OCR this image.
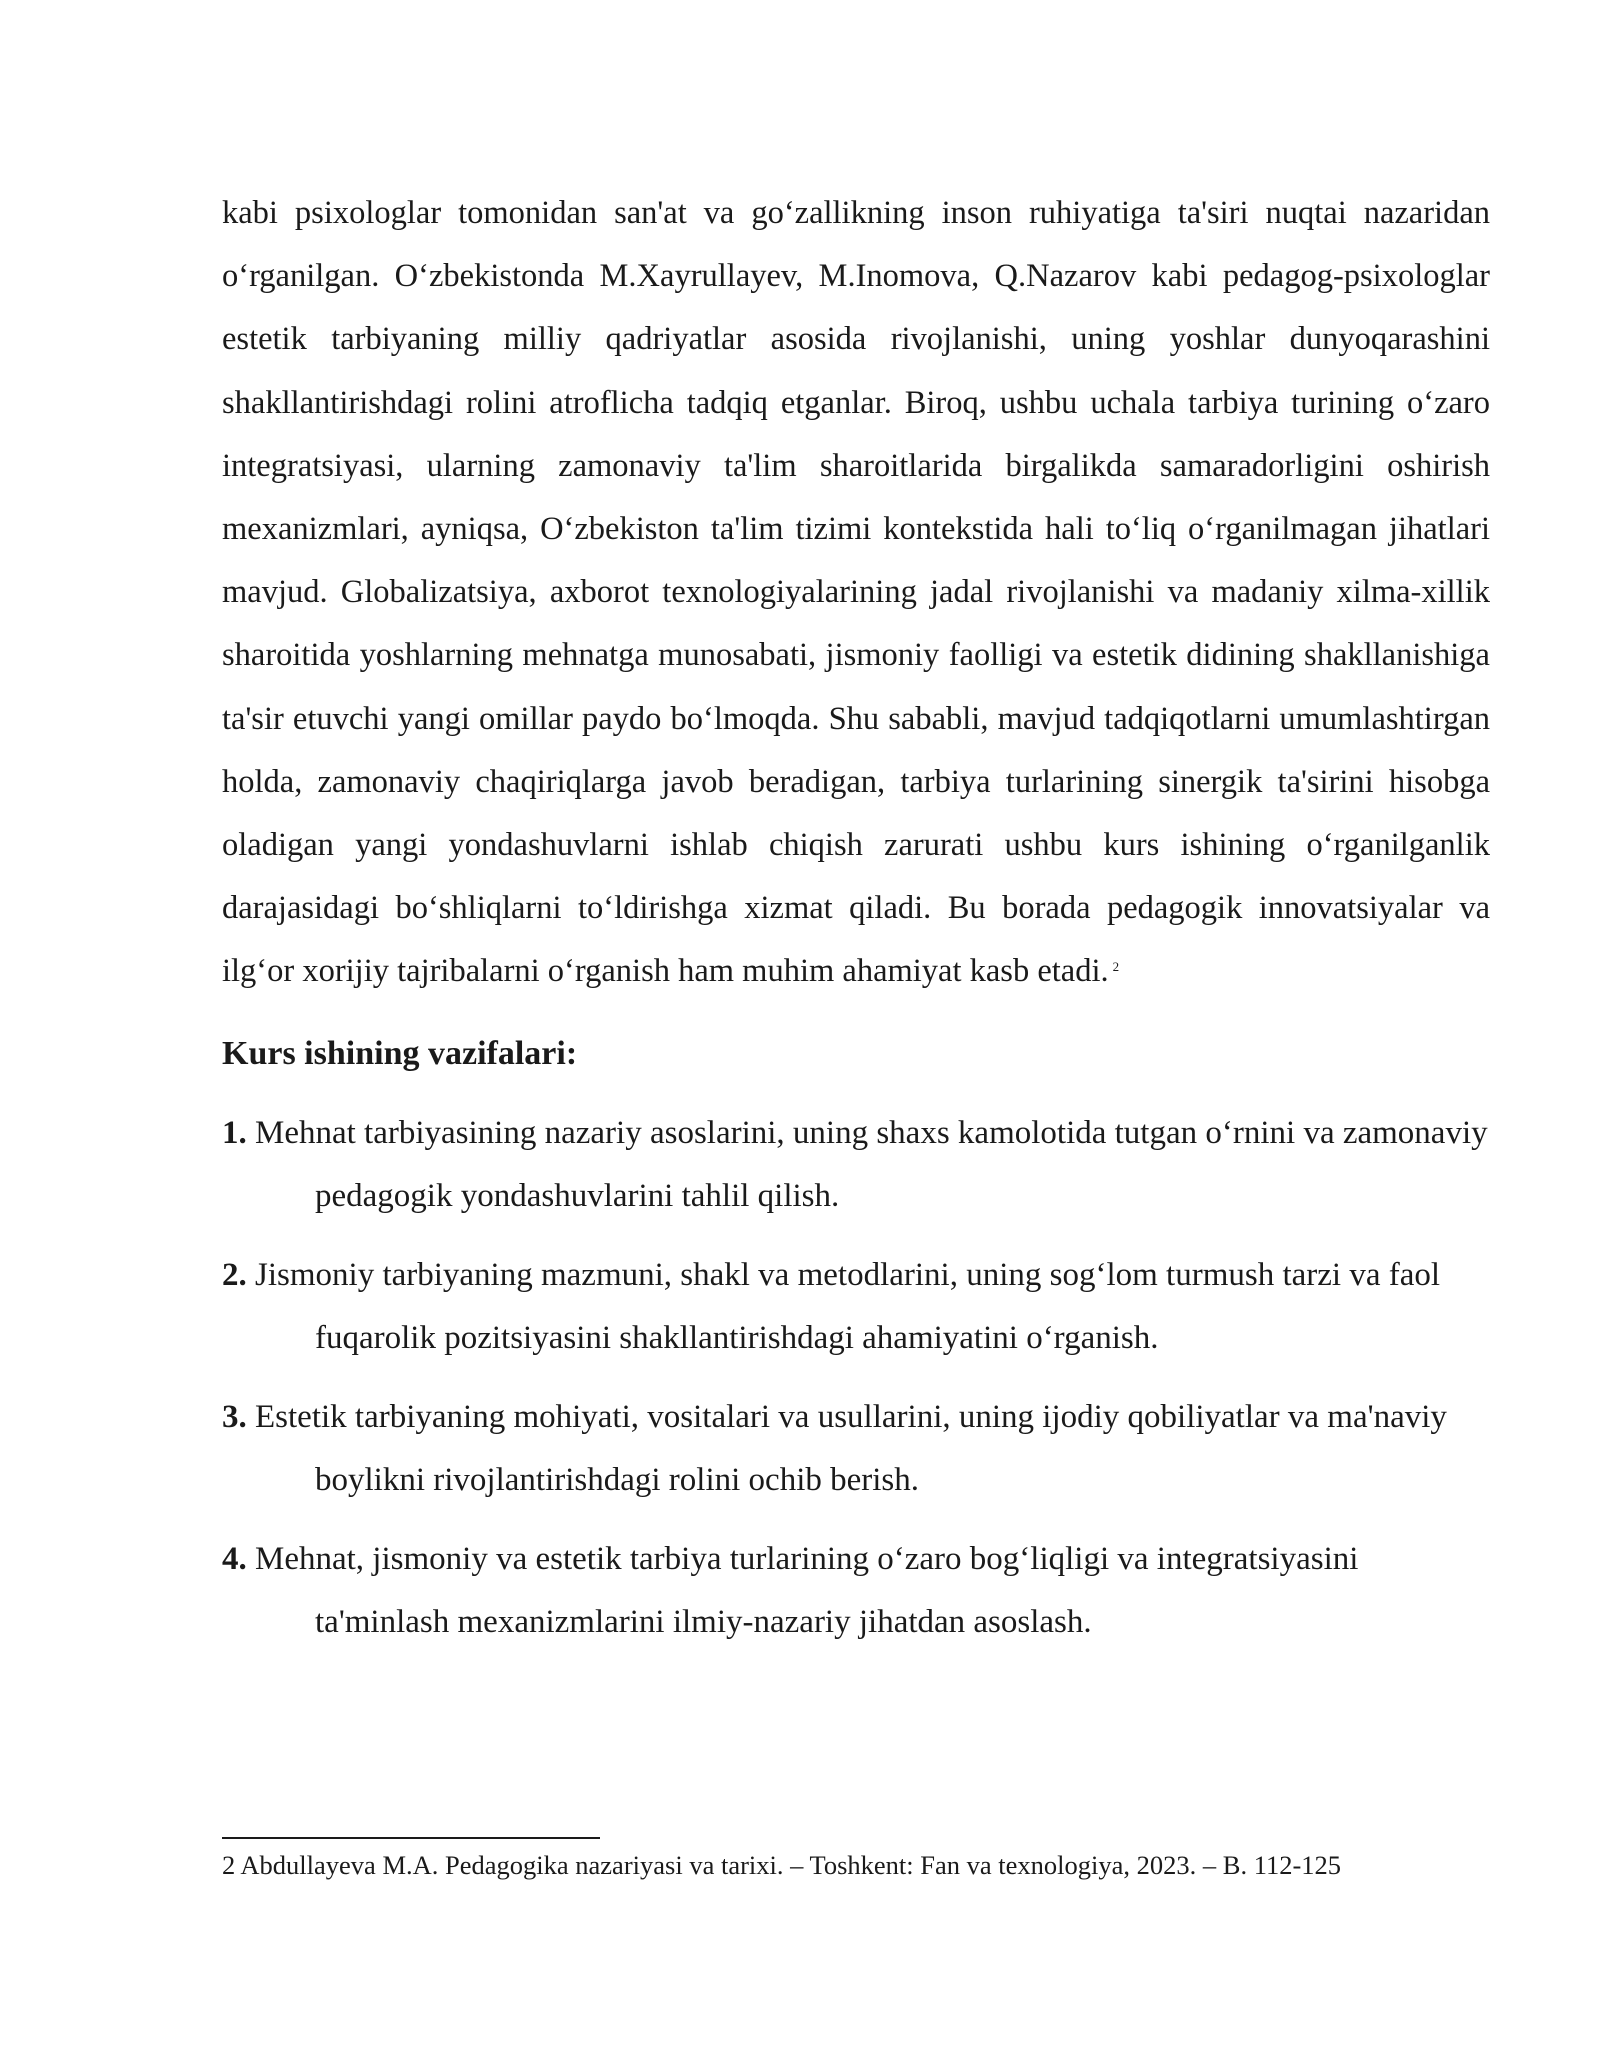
kabi psixologlar tomonidan san'at va go‘zallikning inson ruhiyatiga ta'siri nuqtai nazaridan o‘rganilgan. O‘zbekistonda M.Xayrullayev, M.Inomova, Q.Nazarov kabi pedagog-psixologlar estetik tarbiyaning milliy qadriyatlar asosida rivojlanishi, uning yoshlar dunyoqarashini shakllantirishdagi rolini atroflicha tadqiq etganlar. Biroq, ushbu uchala tarbiya turining o‘zaro integratsiyasi, ularning zamonaviy ta'lim sharoitlarida birgalikda samaradorligini oshirish mexanizmlari, ayniqsa, O‘zbekiston ta'lim tizimi kontekstida hali to‘liq o‘rganilmagan jihatlari mavjud. Globalizatsiya, axborot texnologiyalarining jadal rivojlanishi va madaniy xilma-xillik sharoitida yoshlarning mehnatga munosabati, jismoniy faolligi va estetik didining shakllanishiga ta'sir etuvchi yangi omillar paydo bo‘lmoqda. Shu sababli, mavjud tadqiqotlarni umumlashtirgan holda, zamonaviy chaqiriqlarga javob beradigan, tarbiya turlarining sinergik ta'sirini hisobga oladigan yangi yondashuvlarni ishlab chiqish zarurati ushbu kurs ishining o‘rganilganlik darajasidagi bo‘shliqlarni to‘ldirishga xizmat qiladi. Bu borada pedagogik innovatsiyalar va ilg‘or xorijiy tajribalarni o‘rganish ham muhim ahamiyat kasb etadi. $^2$

Kurs ishining vazifalari:
1. Mehnat tarbiyasining nazariy asoslarini, uning shaxs kamolotida tutgan o‘rnini va zamonaviy pedagogik yondashuvlarini tahlil qilish.
2. Jismoniy tarbiyaning mazmuni, shakl va metodlarini, uning sog‘lom turmush tarzi va faol fuqarolik pozitsiyasini shakllantirishdagi ahamiyatini o‘rganish.
3. Estetik tarbiyaning mohiyati, vositalari va usullarini, uning ijodiy qobiliyatlar va ma'naviy boylikni rivojlantirishdagi rolini ochib berish.
4. Mehnat, jismoniy va estetik tarbiya turlarining o‘zaro bog‘liqligi va integratsiyasini ta'minlash mexanizmlarini ilmiy-nazariy jihatdan asoslash.
2 Abdullayeva M.A. Pedagogika nazariyasi va tarixi. – Toshkent: Fan va texnologiya, 2023. – B. 112-125
